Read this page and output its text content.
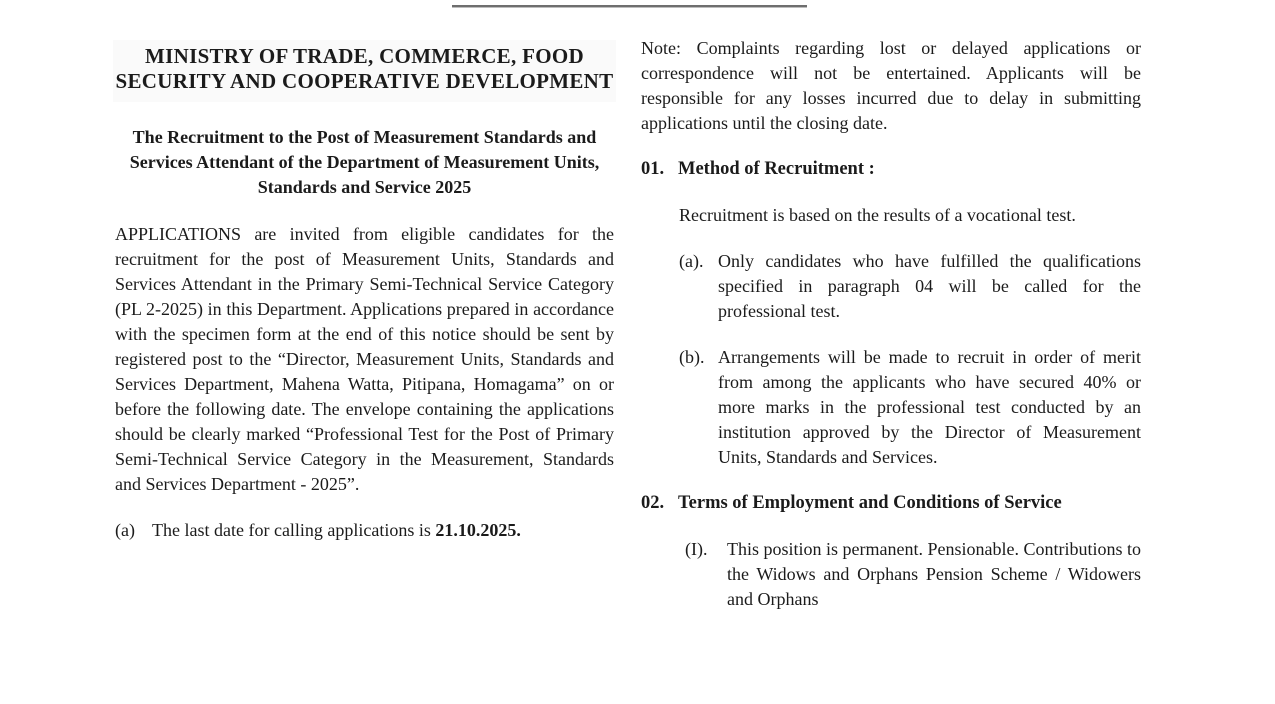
MINISTRY OF TRADE, COMMERCE, FOOD SECURITY AND COOPERATIVE DEVELOPMENT
The Recruitment to the Post of Measurement Standards and Services Attendant of the Department of Measurement Units, Standards and Service 2025
APPLICATIONS are invited from eligible candidates for the recruitment for the post of Measurement Units, Standards and Services Attendant in the Primary Semi-Technical Service Category (PL 2-2025) in this Department. Applications prepared in accordance with the specimen form at the end of this notice should be sent by registered post to the “Director, Measurement Units, Standards and Services Department, Mahena Watta, Pitipana, Homagama” on or before the following date. The envelope containing the applications should be clearly marked “Professional Test for the Post of Primary Semi-Technical Service Category in the Measurement, Standards and Services Department - 2025”.
(a) The last date for calling applications is 21.10.2025.
Note: Complaints regarding lost or delayed applications or correspondence will not be entertained. Applicants will be responsible for any losses incurred due to delay in submitting applications until the closing date.
01. Method of Recruitment :
Recruitment is based on the results of a vocational test.
(a). Only candidates who have fulfilled the qualifications specified in paragraph 04 will be called for the professional test.
(b). Arrangements will be made to recruit in order of merit from among the applicants who have secured 40% or more marks in the professional test conducted by an institution approved by the Director of Measurement Units, Standards and Services.
02. Terms of Employment and Conditions of Service
(I).	This position is permanent. Pensionable. Contributions to the Widows and Orphans Pension Scheme / Widowers and Orphans
